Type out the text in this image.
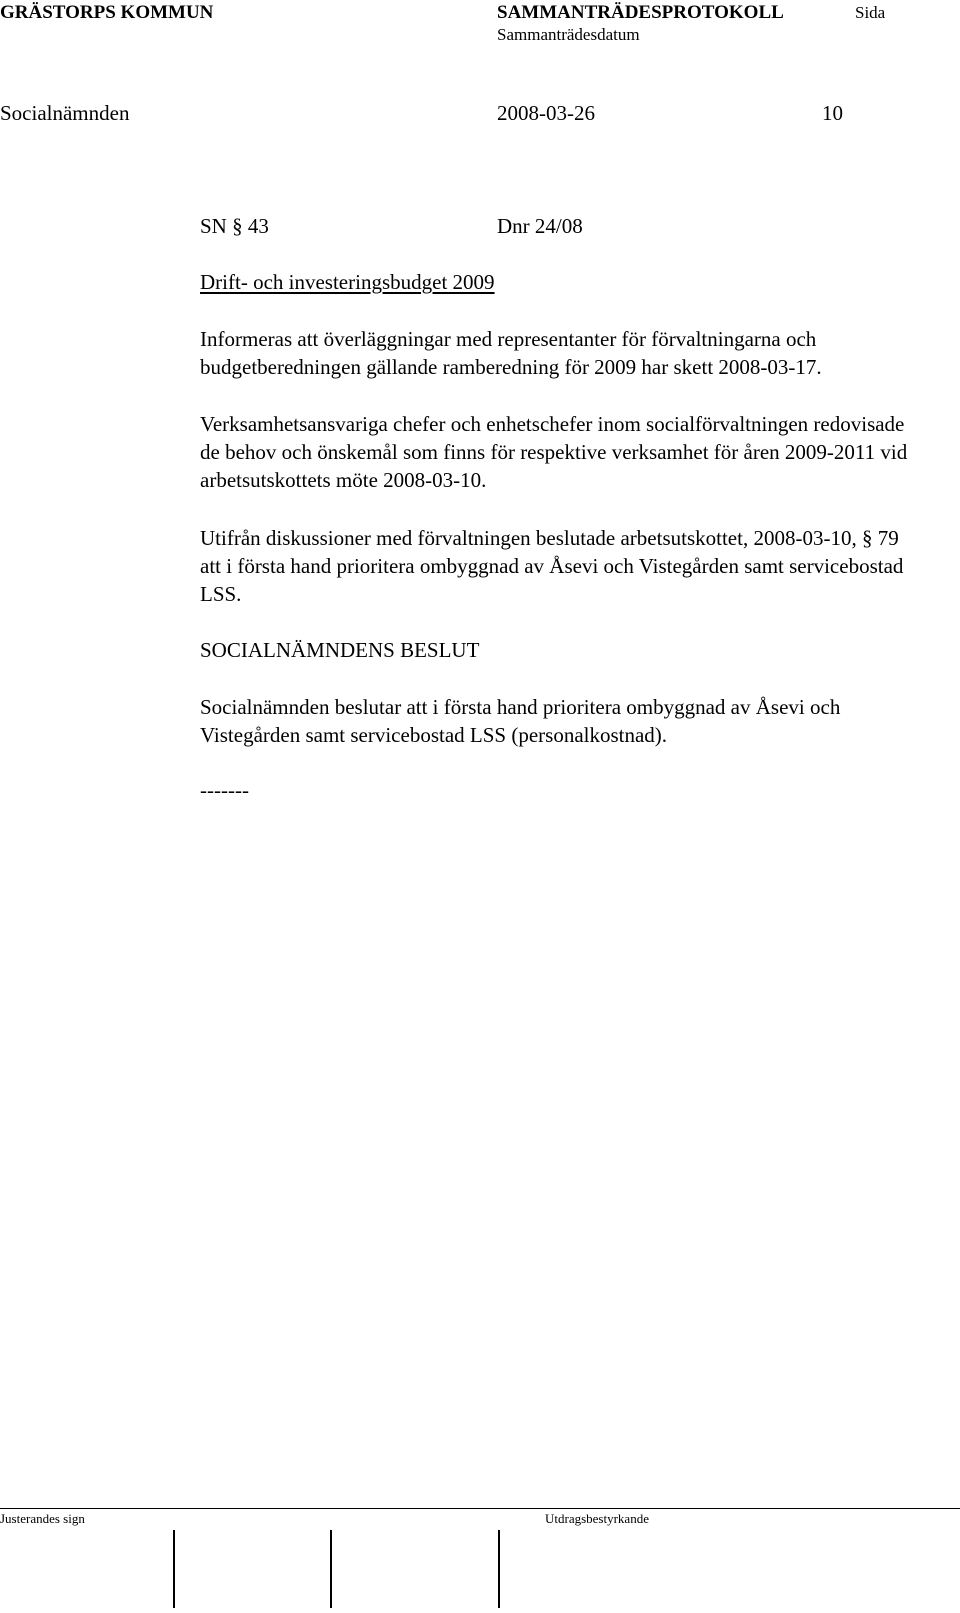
GRÄSTORPS KOMMUN	SAMMANTRÄDESPROTOKOLL	Sida
Sammanträdesdatum
Socialnämnden	2008-03-26	10
SN § 43	Dnr 24/08
Drift- och investeringsbudget 2009
Informeras att överläggningar med representanter för förvaltningarna och budgetberedningen gällande ramberedning för 2009 har skett 2008-03-17.
Verksamhetsansvariga chefer och enhetschefer inom socialförvaltningen redovisade de behov och önskemål som finns för respektive verksamhet för åren 2009-2011 vid arbetsutskottets möte 2008-03-10.
Utifrån diskussioner med förvaltningen beslutade arbetsutskottet, 2008-03-10, § 79 att i första hand prioritera ombyggnad av Åsevi och Vistegården samt servicebostad LSS.
SOCIALNÄMNDENS BESLUT
Socialnämnden beslutar att i första hand prioritera ombyggnad av Åsevi och Vistegården samt servicebostad LSS (personalkostnad).
-------
Justerandes sign	Utdragsbestyrkande
